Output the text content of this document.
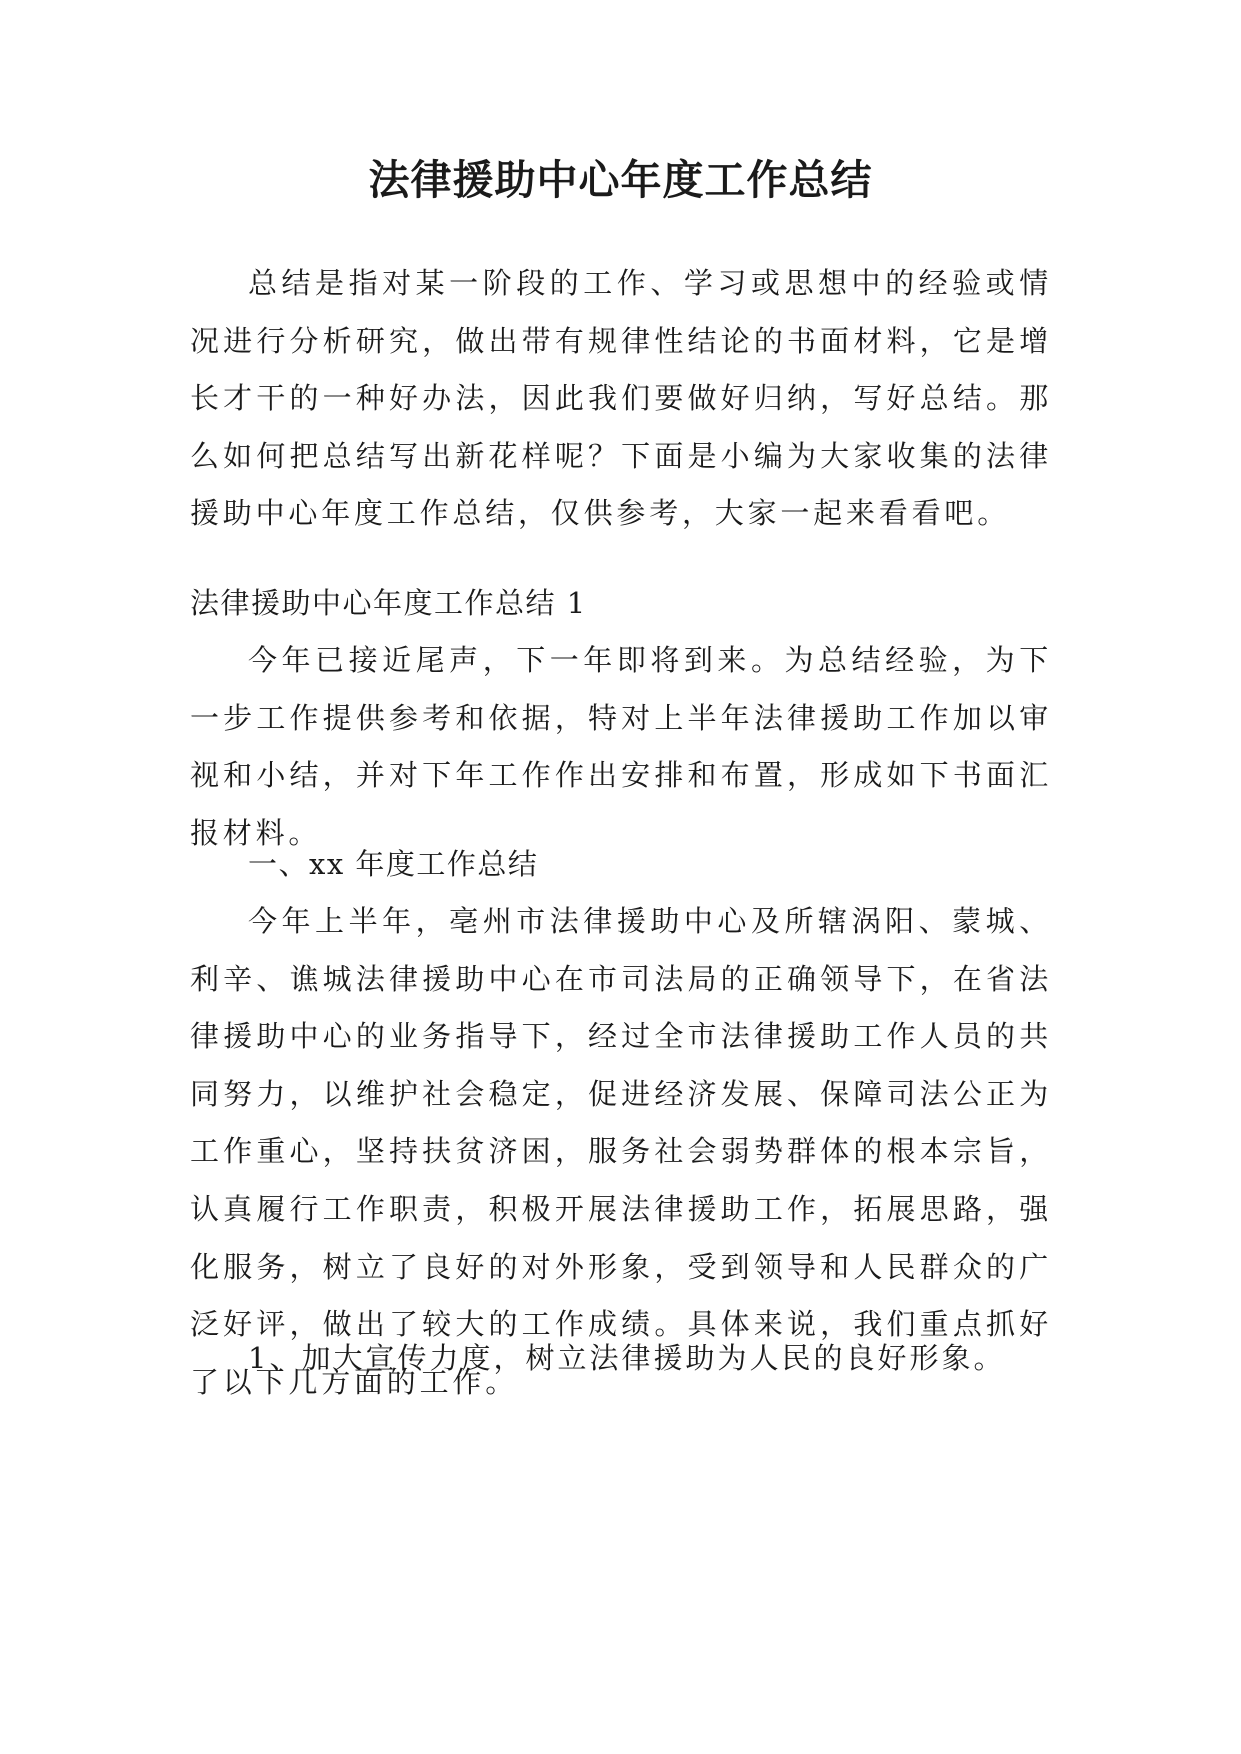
法律援助中心年度工作总结

总结是指对某一阶段的工作、学习或思想中的经验或情况进行分析研究，做出带有规律性结论的书面材料，它是增长才干的一种好办法，因此我们要做好归纳，写好总结。那么如何把总结写出新花样呢？下面是小编为大家收集的法律援助中心年度工作总结，仅供参考，大家一起来看看吧。

法律援助中心年度工作总结 1

今年已接近尾声，下一年即将到来。为总结经验，为下一步工作提供参考和依据，特对上半年法律援助工作加以审视和小结，并对下年工作作出安排和布置，形成如下书面汇报材料。

一、xx 年度工作总结

今年上半年，亳州市法律援助中心及所辖涡阳、蒙城、利辛、谯城法律援助中心在市司法局的正确领导下，在省法律援助中心的业务指导下，经过全市法律援助工作人员的共同努力，以维护社会稳定，促进经济发展、保障司法公正为工作重心，坚持扶贫济困，服务社会弱势群体的根本宗旨，认真履行工作职责，积极开展法律援助工作，拓展思路，强化服务，树立了良好的对外形象，受到领导和人民群众的广泛好评，做出了较大的工作成绩。具体来说，我们重点抓好了以下几方面的工作。

1、加大宣传力度，树立法律援助为人民的良好形象。
